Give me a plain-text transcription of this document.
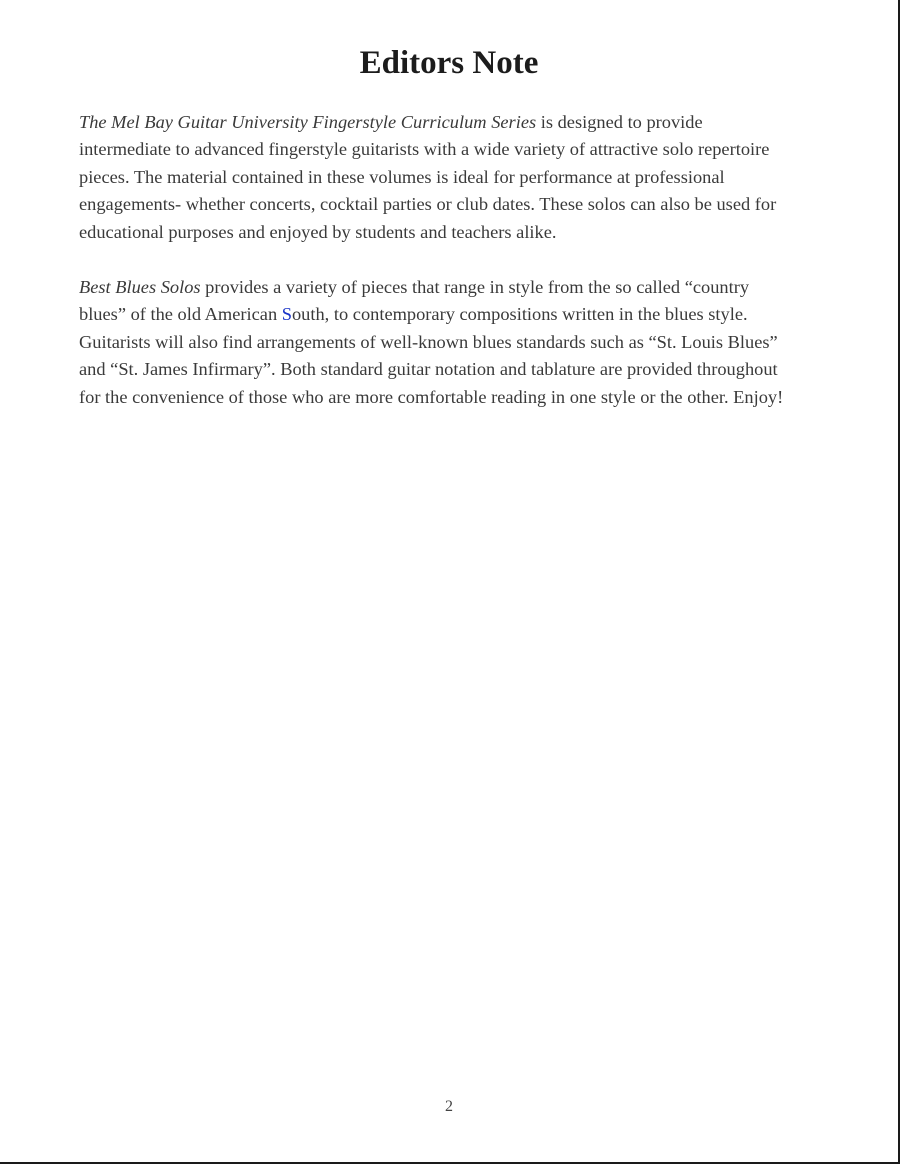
Editors Note
The Mel Bay Guitar University Fingerstyle Curriculum Series is designed to provide
intermediate to advanced fingerstyle guitarists with a wide variety of attractive solo repertoire
pieces. The material contained in these volumes is ideal for performance at professional
engagements- whether concerts, cocktail parties or club dates. These solos can also be used for
educational purposes and enjoyed by students and teachers alike.
Best Blues Solos provides a variety of pieces that range in style from the so called “country
blues” of the old American South, to contemporary compositions written in the blues style.
Guitarists will also find arrangements of well-known blues standards such as “St. Louis Blues”
and “St. James Infirmary”. Both standard guitar notation and tablature are provided throughout
for the convenience of those who are more comfortable reading in one style or the other. Enjoy!
2
